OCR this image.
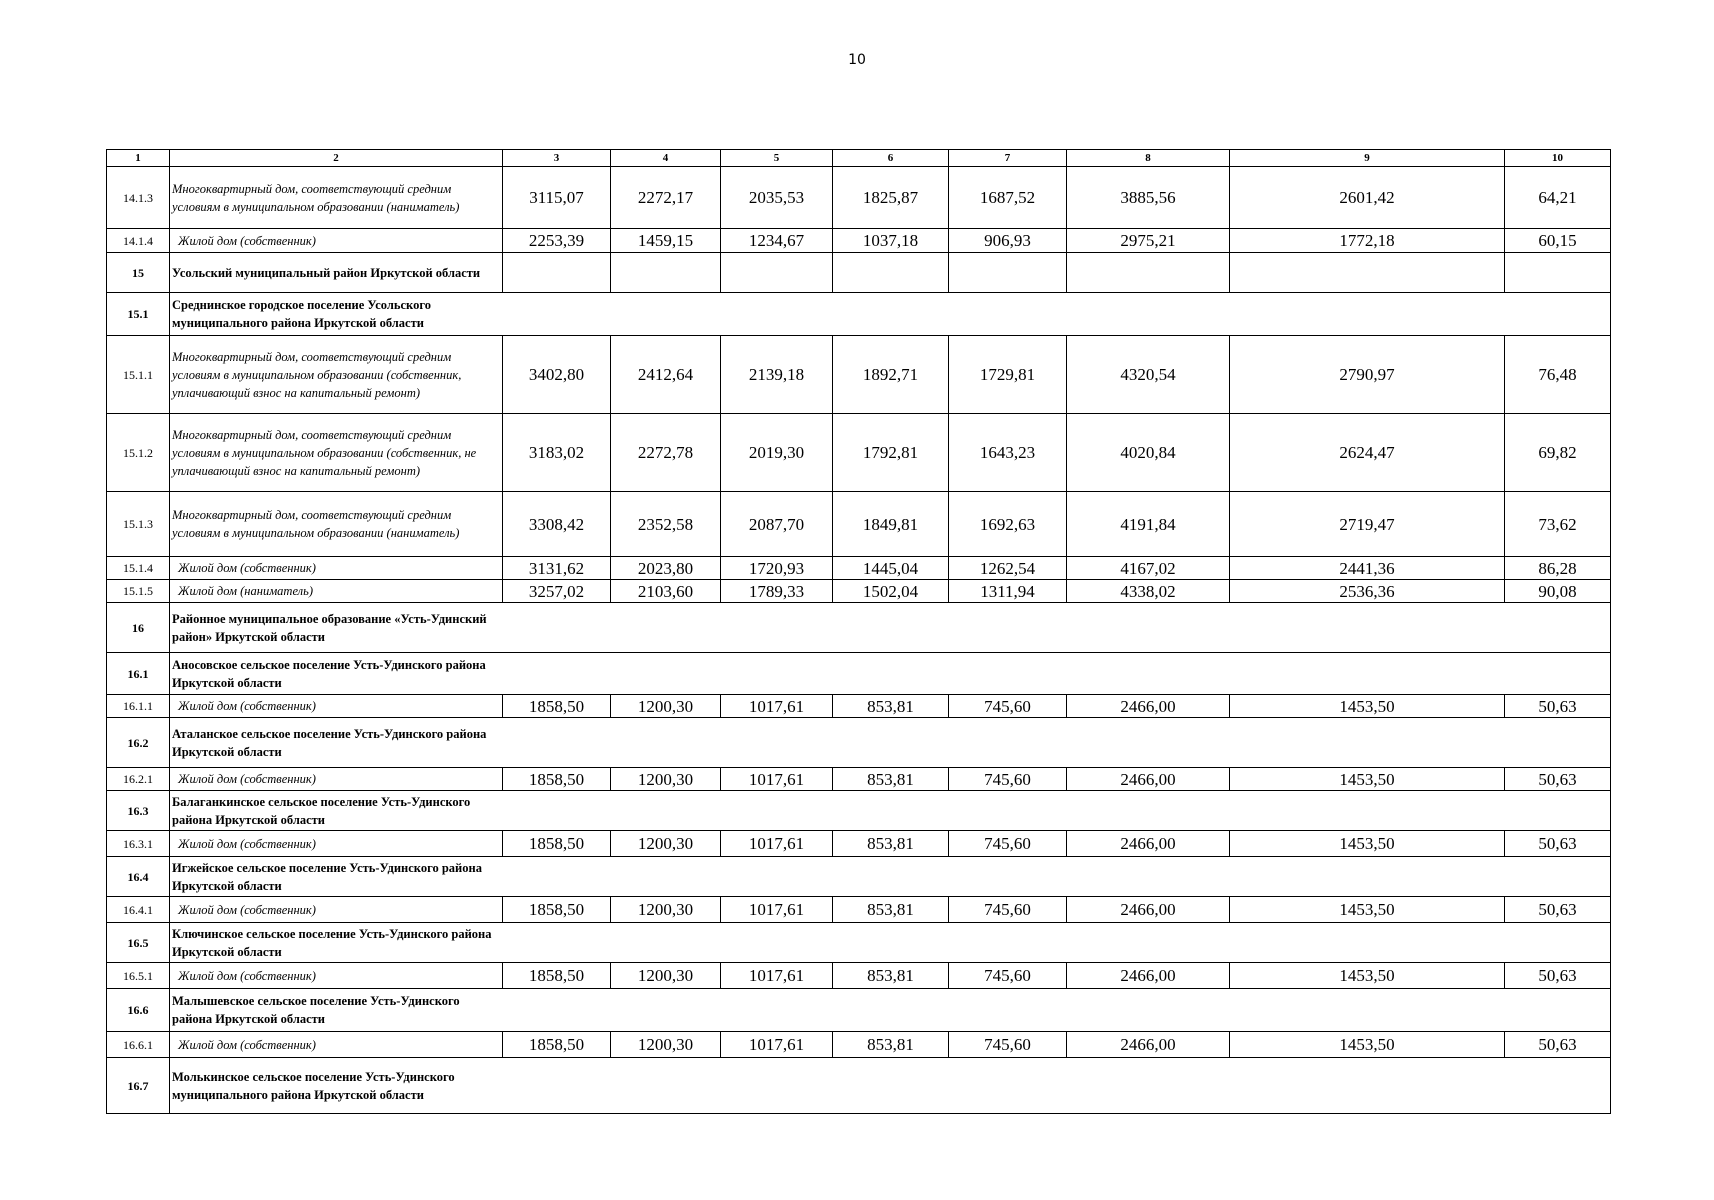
10
1	2	3	4	5	6	7	8	9	10
14.1.3	Многоквартирный дом, соответствующий средним условиям в муниципальном образовании (наниматель)	3115,07	2272,17	2035,53	1825,87	1687,52	3885,56	2601,42	64,21
14.1.4	Жилой дом (собственник)	2253,39	1459,15	1234,67	1037,18	906,93	2975,21	1772,18	60,15
15	Усольский муниципальный район Иркутской области								
15.1	Среднинское городское поселение Усольского муниципального района Иркутской области								

15.1.1	Многоквартирный дом, соответствующий средним условиям в муниципальном образовании (собственник, уплачивающий взнос на капитальный ремонт)	3402,80	2412,64	2139,18	1892,71	1729,81	4320,54	2790,97	76,48
15.1.2	Многоквартирный дом, соответствующий средним условиям в муниципальном образовании (собственник, не уплачивающий взнос на капитальный ремонт)	3183,02	2272,78	2019,30	1792,81	1643,23	4020,84	2624,47	69,82
15.1.3	Многоквартирный дом, соответствующий средним условиям в муниципальном образовании (наниматель)	3308,42	2352,58	2087,70	1849,81	1692,63	4191,84	2719,47	73,62
15.1.4	Жилой дом (собственник)	3131,62	2023,80	1720,93	1445,04	1262,54	4167,02	2441,36	86,28
15.1.5	Жилой дом (наниматель)	3257,02	2103,60	1789,33	1502,04	1311,94	4338,02	2536,36	90,08
16	Районное муниципальное образование «Усть-Удинский район» Иркутской области								

16.1	Аносовское сельское поселение Усть-Удинского района Иркутской области								

16.1.1	Жилой дом (собственник)	1858,50	1200,30	1017,61	853,81	745,60	2466,00	1453,50	50,63
16.2	Аталанское сельское поселение Усть-Удинского района Иркутской области								

16.2.1	Жилой дом (собственник)	1858,50	1200,30	1017,61	853,81	745,60	2466,00	1453,50	50,63
16.3	Балаганкинское сельское поселение Усть-Удинского района Иркутской области								

16.3.1	Жилой дом (собственник)	1858,50	1200,30	1017,61	853,81	745,60	2466,00	1453,50	50,63
16.4	Игжейское сельское поселение Усть-Удинского района Иркутской области								

16.4.1	Жилой дом (собственник)	1858,50	1200,30	1017,61	853,81	745,60	2466,00	1453,50	50,63
16.5	Ключинское сельское поселение Усть-Удинского района Иркутской области								

16.5.1	Жилой дом (собственник)	1858,50	1200,30	1017,61	853,81	745,60	2466,00	1453,50	50,63
16.6	Малышевское сельское поселение Усть-Удинского района Иркутской области								

16.6.1	Жилой дом (собственник)	1858,50	1200,30	1017,61	853,81	745,60	2466,00	1453,50	50,63
16.7	Молькинское сельское поселение Усть-Удинского муниципального района Иркутской области								
